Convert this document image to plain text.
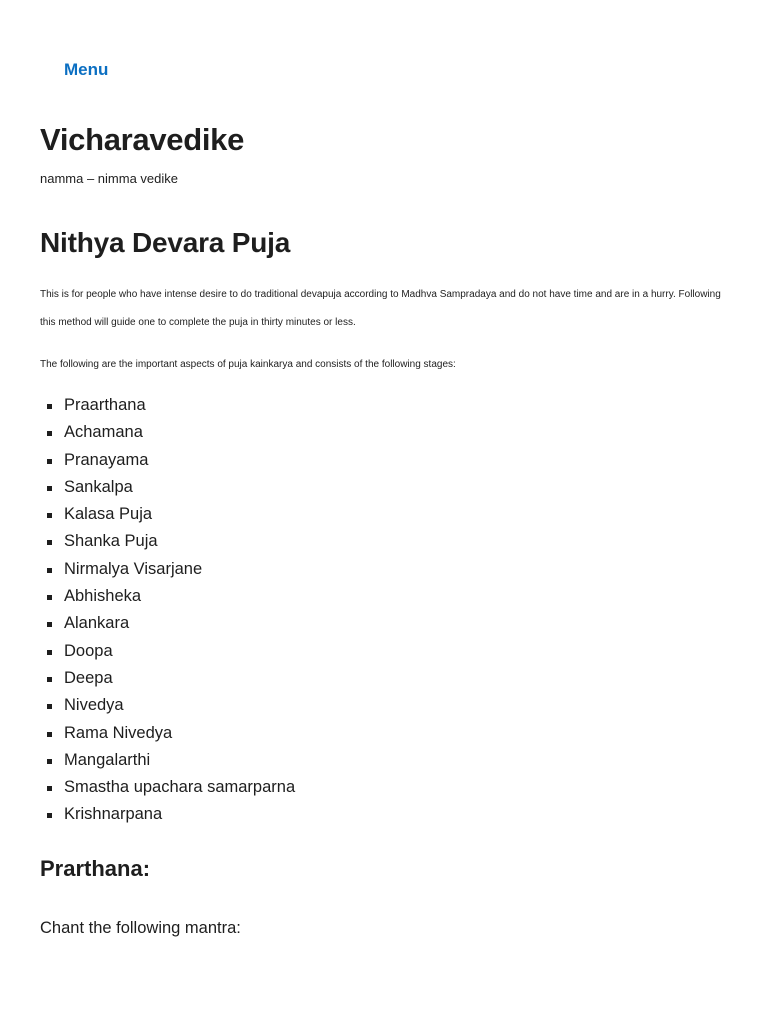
Menu
Vicharavedike

namma – nimma vedike

Nithya Devara Puja

This is for people who have intense desire to do traditional devapuja according to Madhva Sampradaya and do not have time and are in a hurry. Following this method will guide one to complete the puja in thirty minutes or less.

The following are the important aspects of puja kainkarya and consists of the following stages:

Praarthana
Achamana
Pranayama
Sankalpa
Kalasa Puja
Shanka Puja
Nirmalya Visarjane
Abhisheka
Alankara
Doopa
Deepa
Nivedya
Rama Nivedya
Mangalarthi
Smastha upachara samarparna
Krishnarpana
Prarthana:

Chant the following mantra:
